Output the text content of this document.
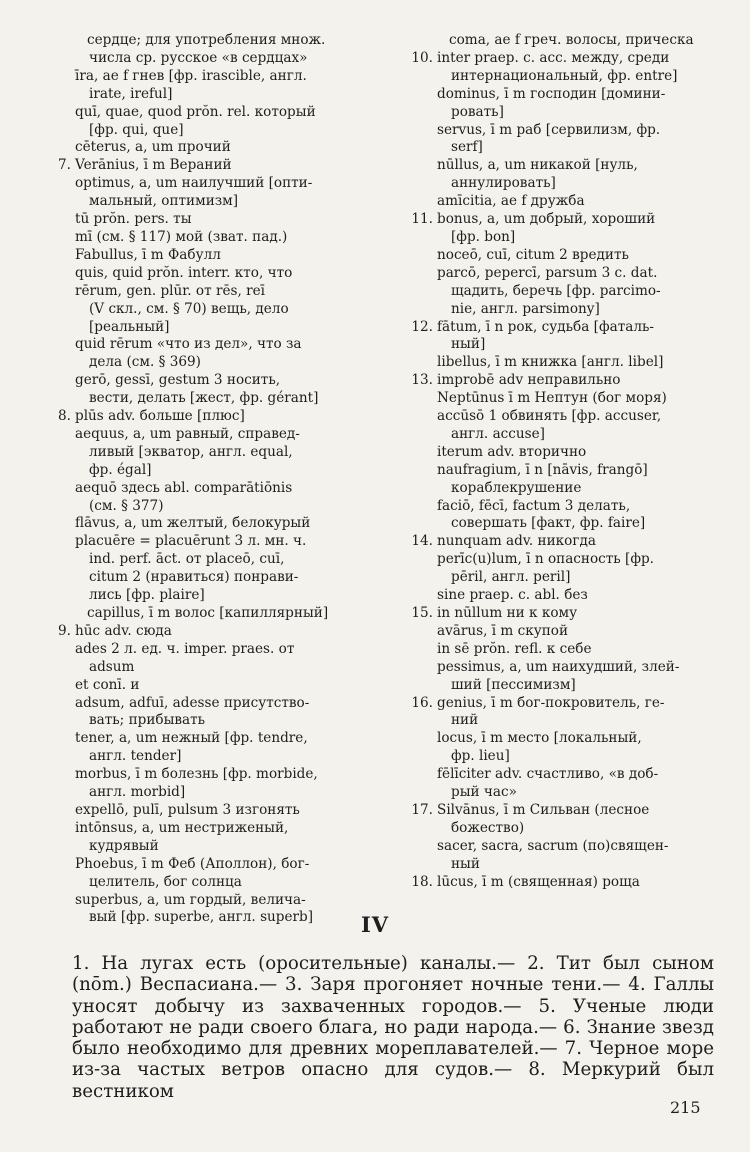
сердце; для употребления множ.
числа ср. русское «в сердцах»

īra, ae f гнев [фр. irascible, англ.
irate, ireful]

quī, quae, quod prŏn. rel. который
[фр. qui, que]

cēterus, a, um прочий

7. Verānius, ī m Вераний

optimus, a, um наилучший [опти-
мальный, оптимизм]

tū prŏn. pers. ты

mī (см. § 117) мой (зват. пад.)

Fabullus, ī m Фабулл

quis, quid prŏn. interr. кто, что

rērum, gen. plūr. от rēs, reī
(V скл., см. § 70) вещь, дело
[реальный]

quid rērum «что из дел», что за
дела (см. § 369)

gerō, gessī, gestum 3 носить,
вести, делать [жест, фр. gérant]

8. plūs adv. больше [плюс]

aequus, a, um равный, справед-
ливый [экватор, англ. equal,
фр. égal]

aequō здесь abl. comparātiōnis
(см. § 377)

flāvus, a, um желтый, белокурый

placuēre = placuērunt 3 л. мн. ч.
ind. perf. āct. от placeō, cuī,
citum 2 (нравиться) понрави-
лись [фр. plaire]

capillus, ī m волос [капиллярный]

9. hūc adv. сюда

ades 2 л. ед. ч. imper. praes. от
adsum

et conī. и

adsum, adfuī, adesse присутство-
вать; прибывать

tener, a, um нежный [фр. tendre,
англ. tender]

morbus, ī m болезнь [фр. morbide,
англ. morbid]

expellō, pulī, pulsum 3 изгонять

intōnsus, a, um нестриженый,
кудрявый

Phoebus, ī m Феб (Аполлон), бог-
целитель, бог солнца

superbus, a, um гордый, велича-
вый [фр. superbe, англ. superb]

coma, ae f греч. волосы, прическа

10. inter praep. c. acc. между, среди
интернациональный, фр. entre]

dominus, ī m господин [домини-
ровать]

servus, ī m раб [сервилизм, фр.
serf]

nūllus, a, um никакой [нуль,
аннулировать]

amīcitia, ae f дружба

11. bonus, a, um добрый, хороший
[фр. bon]

noceō, cuī, citum 2 вредить

parcō, pepercī, parsum 3 c. dat.
щадить, беречь [фр. parcimo-
nie, англ. parsimony]

12. fātum, ī n рок, судьба [фаталь-
ный]

libellus, ī m книжка [англ. libel]

13. improbē adv неправильно

Neptūnus ī m Нептун (бог моря)

accūsō 1 обвинять [фр. accuser,
англ. accuse]

iterum adv. вторично

naufragium, ī n [nāvis, frangō]
кораблекрушение

faciō, fēcī, factum 3 делать,
совершать [факт, фр. faire]

14. nunquam adv. никогда

perīc(u)lum, ī n опасность [фр.
pēril, англ. peril]

sine praep. c. abl. без

15. in nūllum ни к кому

avārus, ī m скупой

in sē prŏn. refl. к себе

pessimus, a, um наихудший, злей-
ший [пессимизм]

16. genius, ī m бог-покровитель, ге-
ний

locus, ī m место [локальный,
фр. lieu]

fēlīciter adv. счастливо, «в доб-
рый час»

17. Silvānus, ī m Сильван (лесное
божество)

sacer, sacra, sacrum (по)священ-
ный

18. lūcus, ī m (священная) роща

IV

1. На лугах есть (оросительные) каналы.— 2. Тит был сыном (nōm.) Веспасиана.— 3. Заря прогоняет ночные тени.— 4. Галлы уносят добычу из захваченных городов.— 5. Ученые люди работают не ради своего блага, но ради народа.— 6. Знание звезд было необходимо для древних мореплавателей.— 7. Черное море из-за частых ветров опасно для судов.— 8. Меркурий был вестником

215
